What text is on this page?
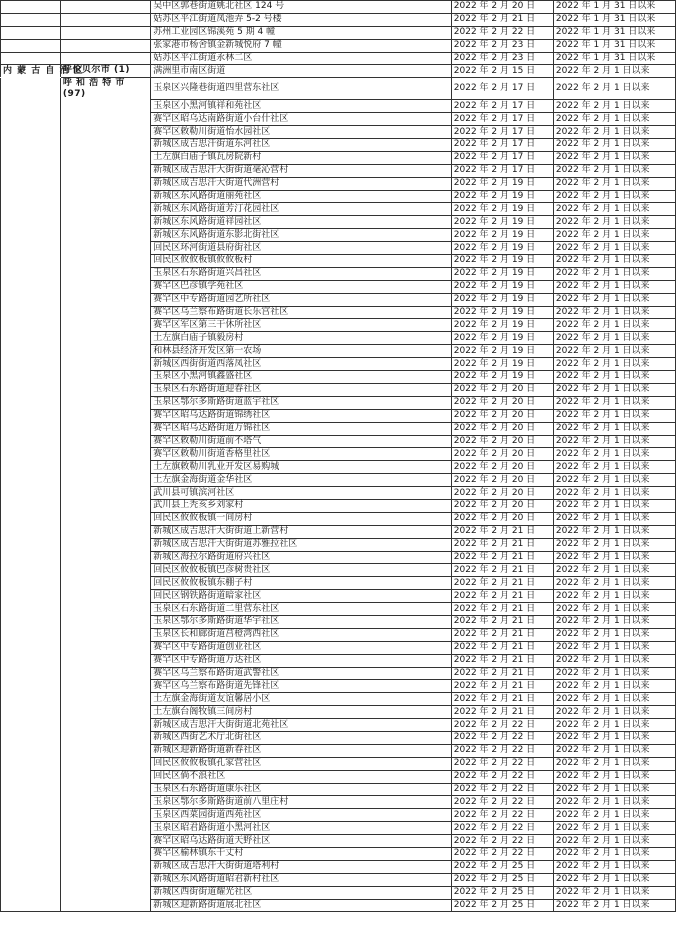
		吴中区郭巷街道姚北社区 124 号	2022 年 2 月 20 日	2022 年 1 月 31 日以来
		姑苏区平江街道凤池弄 5-2 号楼	2022 年 2 月 21 日	2022 年 1 月 31 日以来
		苏州工业园区锦溪苑 5 期 4 幢	2022 年 2 月 22 日	2022 年 1 月 31 日以来
		张家港市杨舍镇金新城悦府 7 幢	2022 年 2 月 23 日	2022 年 1 月 31 日以来
		姑苏区平江街道永林二区	2022 年 2 月 23 日	2022 年 1 月 31 日以来
内 蒙 古 自 治 区	呼伦贝尔市 (1)	满洲里市南区街道	2022 年 2 月 15 日	2022 年 2 月 1 日以来
	呼 和 浩 特 市 (97)	玉泉区兴隆巷街道四里营东社区	2022 年 2 月 17 日	2022 年 2 月 1 日以来
		玉泉区小黑河镇祥和苑社区	2022 年 2 月 17 日	2022 年 2 月 1 日以来
		赛罕区昭乌达南路街道小台什社区	2022 年 2 月 17 日	2022 年 2 月 1 日以来
		赛罕区敕勒川街道怡水园社区	2022 年 2 月 17 日	2022 年 2 月 1 日以来
		新城区成吉思汗街道东河社区	2022 年 2 月 17 日	2022 年 2 月 1 日以来
		土左旗白庙子镇瓦房院新村	2022 年 2 月 17 日	2022 年 2 月 1 日以来
		新城区成吉思汗大街街道毫沁营村	2022 年 2 月 17 日	2022 年 2 月 1 日以来
		新城区成吉思汗大街道代洲营村	2022 年 2 月 19 日	2022 年 2 月 1 日以来
		新城区东风路街道丽苑社区	2022 年 2 月 19 日	2022 年 2 月 1 日以来
		新城区东风路街道芳汀花园社区	2022 年 2 月 19 日	2022 年 2 月 1 日以来
		新城区东风路街道祥园社区	2022 年 2 月 19 日	2022 年 2 月 1 日以来
		新城区东风路街道东影北街社区	2022 年 2 月 19 日	2022 年 2 月 1 日以来
		回民区环河街道县府街社区	2022 年 2 月 19 日	2022 年 2 月 1 日以来
		回民区攸攸板镇攸攸板村	2022 年 2 月 19 日	2022 年 2 月 1 日以来
		玉泉区石东路街道兴昌社区	2022 年 2 月 19 日	2022 年 2 月 1 日以来
		赛罕区巴彦镇学苑社区	2022 年 2 月 19 日	2022 年 2 月 1 日以来
		赛罕区中专路街道园艺所社区	2022 年 2 月 19 日	2022 年 2 月 1 日以来
		赛罕区乌兰察布路街道长乐宫社区	2022 年 2 月 19 日	2022 年 2 月 1 日以来
		赛罕区军区第三干休所社区	2022 年 2 月 19 日	2022 年 2 月 1 日以来
		土左旗白庙子镇毅房村	2022 年 2 月 19 日	2022 年 2 月 1 日以来
		和林县经济开发区第一农场	2022 年 2 月 19 日	2022 年 2 月 1 日以来
		新城区西街街道西落凤社区	2022 年 2 月 19 日	2022 年 2 月 1 日以来
		玉泉区小黑河镇鑫盛社区	2022 年 2 月 19 日	2022 年 2 月 1 日以来
		玉泉区石东路街道迎春社区	2022 年 2 月 20 日	2022 年 2 月 1 日以来
		玉泉区鄂尔多斯路街道蓝宇社区	2022 年 2 月 20 日	2022 年 2 月 1 日以来
		赛罕区昭乌达路街道锦绣社区	2022 年 2 月 20 日	2022 年 2 月 1 日以来
		赛罕区昭乌达路街道万锦社区	2022 年 2 月 20 日	2022 年 2 月 1 日以来
		赛罕区敕勒川街道前不塔气	2022 年 2 月 20 日	2022 年 2 月 1 日以来
		赛罕区敕勒川街道香格里社区	2022 年 2 月 20 日	2022 年 2 月 1 日以来
		土左旗敕勒川乳业开发区易购城	2022 年 2 月 20 日	2022 年 2 月 1 日以来
		土左旗金海街道金华社区	2022 年 2 月 20 日	2022 年 2 月 1 日以来
		武川县可镇滨河社区	2022 年 2 月 20 日	2022 年 2 月 1 日以来
		武川县上秃亥乡刘家村	2022 年 2 月 20 日	2022 年 2 月 1 日以来
		回民区攸攸板镇一间房村	2022 年 2 月 20 日	2022 年 2 月 1 日以来
		新城区成吉思汗大街街道上新营村	2022 年 2 月 21 日	2022 年 2 月 1 日以来
		新城区成吉思汗大街街道苏雅拉社区	2022 年 2 月 21 日	2022 年 2 月 1 日以来
		新城区海拉尔路街道府兴社区	2022 年 2 月 21 日	2022 年 2 月 1 日以来
		回民区攸攸板镇巴彦树贵社区	2022 年 2 月 21 日	2022 年 2 月 1 日以来
		回民区攸攸板镇东棚子村	2022 年 2 月 21 日	2022 年 2 月 1 日以来
		回民区钢铁路街道暗家社区	2022 年 2 月 21 日	2022 年 2 月 1 日以来
		玉泉区石东路街道二里营东社区	2022 年 2 月 21 日	2022 年 2 月 1 日以来
		玉泉区鄂尔多斯路街道华宇社区	2022 年 2 月 21 日	2022 年 2 月 1 日以来
		玉泉区长和廊街道莒橙湾西社区	2022 年 2 月 21 日	2022 年 2 月 1 日以来
		赛罕区中专路街道创业社区	2022 年 2 月 21 日	2022 年 2 月 1 日以来
		赛罕区中专路街道万达社区	2022 年 2 月 21 日	2022 年 2 月 1 日以来
		赛罕区乌兰察布路街道武警社区	2022 年 2 月 21 日	2022 年 2 月 1 日以来
		赛罕区乌兰察布路街道先锋社区	2022 年 2 月 21 日	2022 年 2 月 1 日以来
		土左旗金海街道友谊馨居小区	2022 年 2 月 21 日	2022 年 2 月 1 日以来
		土左旗台阁牧镇三间房村	2022 年 2 月 21 日	2022 年 2 月 1 日以来
		新城区成吉思汗大街街道北苑社区	2022 年 2 月 22 日	2022 年 2 月 1 日以来
		新城区西街艺术厅北街社区	2022 年 2 月 22 日	2022 年 2 月 1 日以来
		新城区迎新路街道新春社区	2022 年 2 月 22 日	2022 年 2 月 1 日以来
		回民区攸攸板镇孔家营社区	2022 年 2 月 22 日	2022 年 2 月 1 日以来
		回民区倘不浪社区	2022 年 2 月 22 日	2022 年 2 月 1 日以来
		玉泉区石东路街道康乐社区	2022 年 2 月 22 日	2022 年 2 月 1 日以来
		玉泉区鄂尔多斯路街道前八里庄村	2022 年 2 月 22 日	2022 年 2 月 1 日以来
		玉泉区西菜园街道西苑社区	2022 年 2 月 22 日	2022 年 2 月 1 日以来
		玉泉区昭君路街道小黑河社区	2022 年 2 月 22 日	2022 年 2 月 1 日以来
		赛罕区昭乌达路街道天野社区	2022 年 2 月 22 日	2022 年 2 月 1 日以来
		赛罕区榆林镇东干丈村	2022 年 2 月 22 日	2022 年 2 月 1 日以来
		新城区成吉思汗大街街道塔利村	2022 年 2 月 25 日	2022 年 2 月 1 日以来
		新城区东风路街道昭君新村社区	2022 年 2 月 25 日	2022 年 2 月 1 日以来
		新城区西街街道耀光社区	2022 年 2 月 25 日	2022 年 2 月 1 日以来
		新城区迎新路街道展北社区	2022 年 2 月 25 日	2022 年 2 月 1 日以来
